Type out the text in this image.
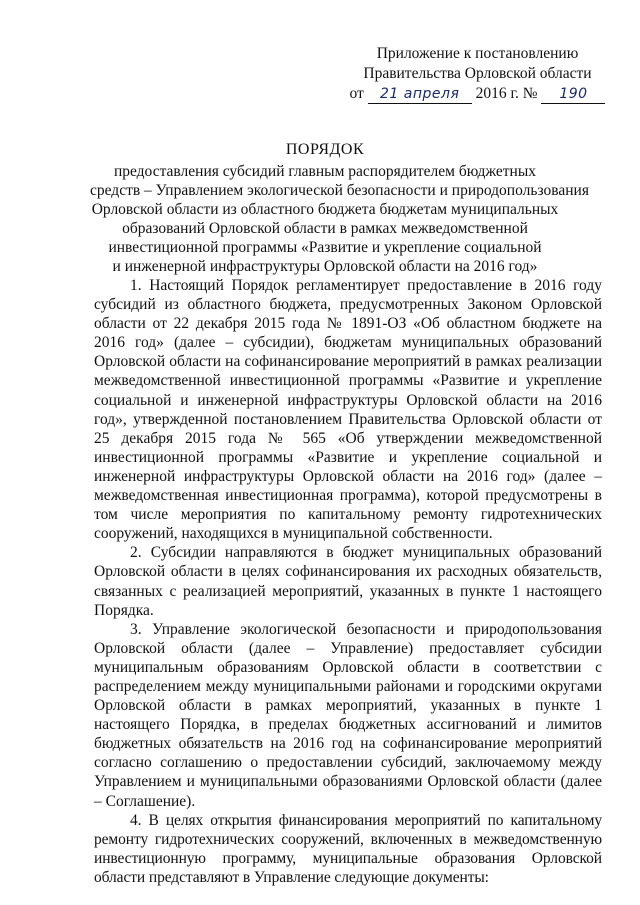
Приложение к постановлению
Правительства Орловской области
от 21 апреля 2016 г. № 190
ПОРЯДОК
предоставления субсидий главным распорядителем бюджетных
средств – Управлением экологической безопасности и природопользования
Орловской области из областного бюджета бюджетам муниципальных
образований Орловской области в рамках межведомственной
инвестиционной программы «Развитие и укрепление социальной
и инженерной инфраструктуры Орловской области на 2016 год»

1. Настоящий Порядок регламентирует предоставление в 2016 году субсидий из областного бюджета, предусмотренных Законом Орловской области от 22 декабря 2015 года № 1891-ОЗ «Об областном бюджете на 2016 год» (далее – субсидии), бюджетам муниципальных образований Орловской области на софинансирование мероприятий в рамках реализации межведомственной инвестиционной программы «Развитие и укрепление социальной и инженерной инфраструктуры Орловской области на 2016 год», утвержденной постановлением Правительства Орловской области от 25 декабря 2015 года № 565 «Об утверждении межведомственной инвестиционной программы «Развитие и укрепление социальной и инженерной инфраструктуры Орловской области на 2016 год» (далее – межведомственная инвестиционная программа), которой предусмотрены в том числе мероприятия по капитальному ремонту гидротехнических сооружений, находящихся в муниципальной собственности.

2. Субсидии направляются в бюджет муниципальных образований Орловской области в целях софинансирования их расходных обязательств, связанных с реализацией мероприятий, указанных в пункте 1 настоящего Порядка.

3. Управление экологической безопасности и природопользования Орловской области (далее – Управление) предоставляет субсидии муниципальным образованиям Орловской области в соответствии с распределением между муниципальными районами и городскими округами Орловской области в рамках мероприятий, указанных в пункте 1 настоящего Порядка, в пределах бюджетных ассигнований и лимитов бюджетных обязательств на 2016 год на софинансирование мероприятий согласно соглашению о предоставлении субсидий, заключаемому между Управлением и муниципальными образованиями Орловской области (далее – Соглашение).

4. В целях открытия финансирования мероприятий по капитальному ремонту гидротехнических сооружений, включенных в межведомственную инвестиционную программу, муниципальные образования Орловской области представляют в Управление следующие документы:
